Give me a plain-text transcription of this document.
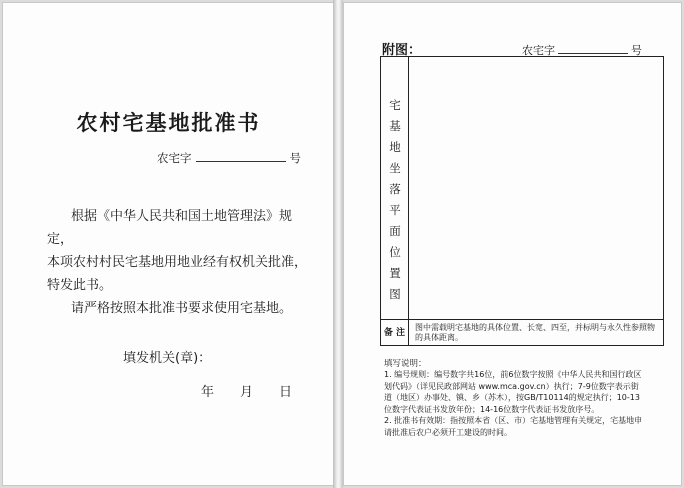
农村宅基地批准书
农宅字	号

根据《中华人民共和国土地管理法》规定，

本项农村村民宅基地用地业经有权机关批准，

特发此书。

请严格按照本批准书要求使用宅基地。

填发机关(章)：
年 月 日
附图：	农宅字	号
宅基地坐落平面位置图
备 注
图中需载明宅基地的具体位置、长宽、四至，并标明与永久性参照物的具体距离。
填写说明：

1. 编号规则：编号数字共16位，前6位数字按照《中华人民共和国行政区划代码》（详见民政部网站 www.mca.gov.cn）执行；7-9位数字表示街道（地区）办事处、镇、乡（苏木），按GB/T10114的规定执行；10-13位数字代表证书发放年份；14-16位数字代表证书发放序号。

2. 批准书有效期：指按照本省（区、市）宅基地管理有关规定，宅基地申请批准后农户必须开工建设的时间。
